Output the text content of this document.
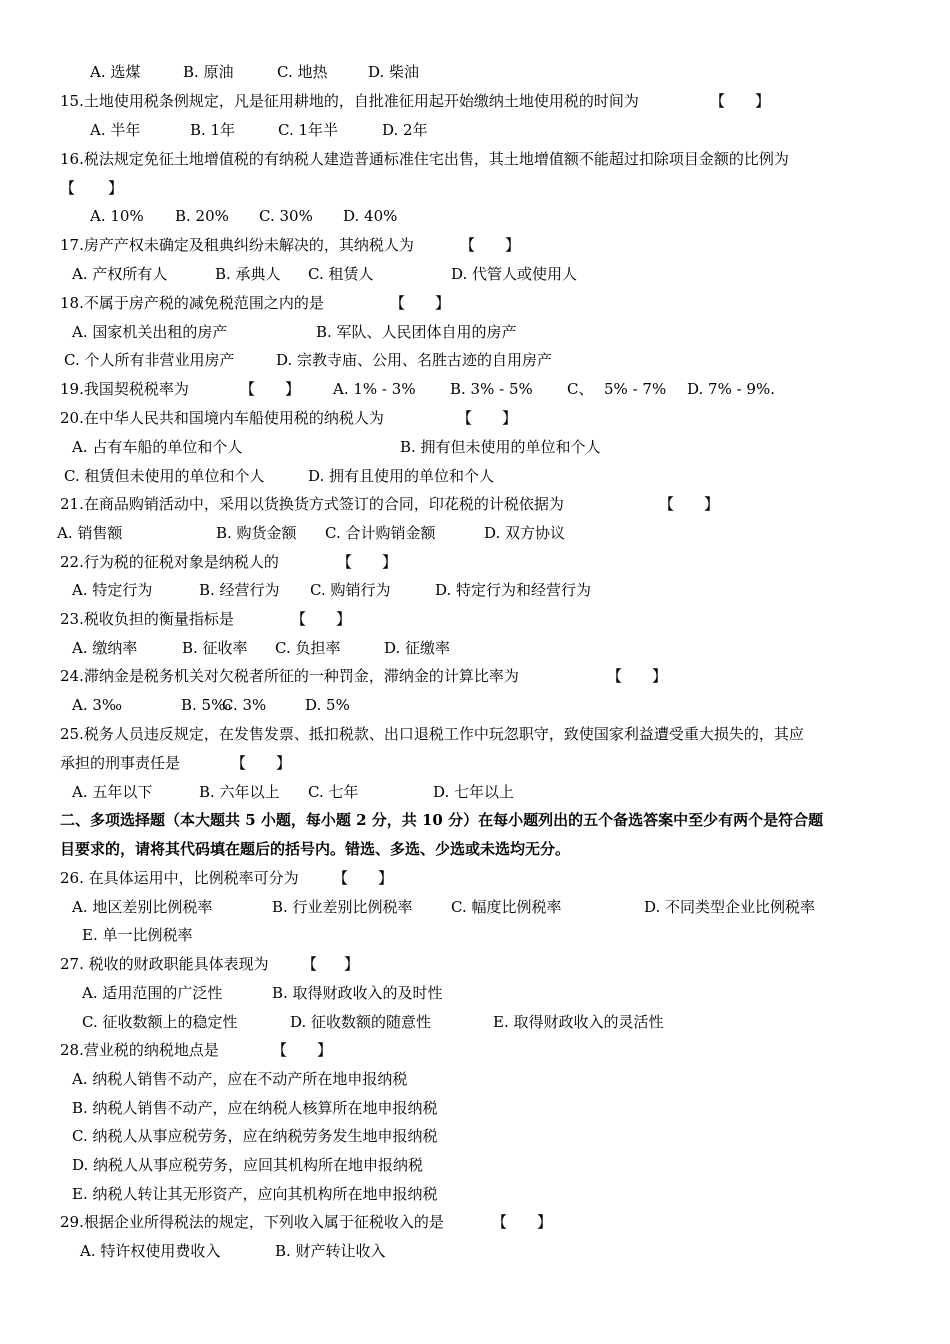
A. 选煤	B. 原油	C. 地热	D. 柴油
15.土地使用税条例规定，凡是征用耕地的，自批准征用起开始缴纳土地使用税的时间为	【 】
A. 半年	B. 1年	C. 1年半	D. 2年
16.税法规定免征土地增值税的有纳税人建造普通标准住宅出售，其土地增值额不能超过扣除项目金额的比例为
【 】
A. 10% B. 20% C. 30% D. 40%
17.房产产权未确定及租典纠纷未解决的，其纳税人为	【 】
A. 产权所有人	B. 承典人 C. 租赁人	D. 代管人或使用人
18.不属于房产税的减免税范围之内的是	【 】
A. 国家机关出租的房产	B. 军队、人民团体自用的房产
C. 个人所有非营业用房产	D. 宗教寺庙、公用、名胜古迹的自用房产
19.我国契税税率为	【 】 A. 1% - 3% B. 3% - 5% C、 5% - 7% D. 7% - 9%.
20.在中华人民共和国境内车船使用税的纳税人为	【 】
A. 占有车船的单位和个人	B. 拥有但未使用的单位和个人
C. 租赁但未使用的单位和个人	D. 拥有且使用的单位和个人
21.在商品购销活动中，采用以货换货方式签订的合同，印花税的计税依据为	【 】
A. 销售额	B. 购货金额 C. 合计购销金额	D. 双方协议
22.行为税的征税对象是纳税人的	【 】
A. 特定行为	B. 经营行为 C. 购销行为	D. 特定行为和经营行为
23.税收负担的衡量指标是	【 】
A. 缴纳率	B. 征收率 C. 负担率	D. 征缴率
24.滞纳金是税务机关对欠税者所征的一种罚金，滞纳金的计算比率为	【 】
A. 3‰	B. 5‰
C. 3%	D. 5%
25.税务人员违反规定，在发售发票、抵扣税款、出口退税工作中玩忽职守，致使国家利益遭受重大损失的，其应
承担的刑事责任是	【 】
A. 五年以下	B. 六年以上 C. 七年	D. 七年以上
二、多项选择题（本大题共 5 小题，每小题 2 分，共 10 分）在每小题列出的五个备选答案中至少有两个是符合题
目要求的，请将其代码填在题后的括号内。错选、多选、少选或未选均无分。
26. 在具体运用中，比例税率可分为 【 】
A. 地区差别比例税率	B. 行业差别比例税率	C. 幅度比例税率	D. 不同类型企业比例税率
E. 单一比例税率
27. 税收的财政职能具体表现为 【 】
A. 适用范围的广泛性	B. 取得财政收入的及时性
C. 征收数额上的稳定性	D. 征收数额的随意性	E. 取得财政收入的灵活性
28.营业税的纳税地点是	【 】
A. 纳税人销售不动产，应在不动产所在地申报纳税
B. 纳税人销售不动产，应在纳税人核算所在地申报纳税
C. 纳税人从事应税劳务，应在纳税劳务发生地申报纳税
D. 纳税人从事应税劳务，应回其机构所在地申报纳税
E. 纳税人转让其无形资产，应向其机构所在地申报纳税
29.根据企业所得税法的规定，下列收入属于征税收入的是	【 】
A. 特许权使用费收入	B. 财产转让收入
